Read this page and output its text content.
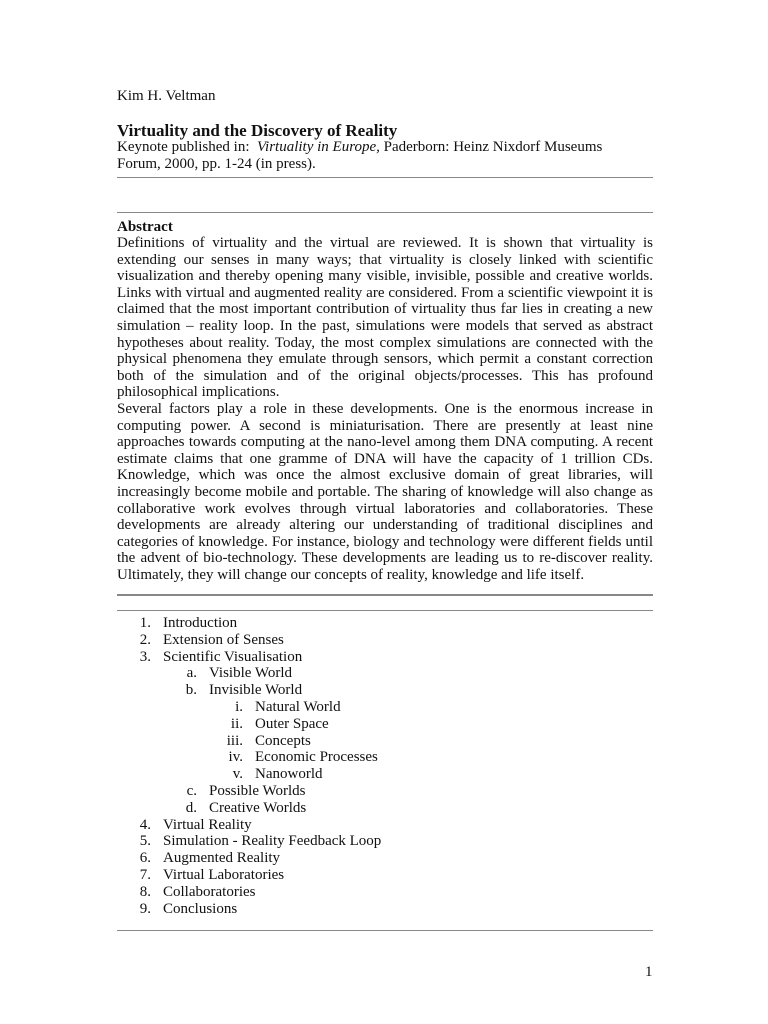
Kim H. Veltman
Virtuality and the Discovery of Reality
Keynote published in: Virtuality in Europe, Paderborn: Heinz Nixdorf Museums
Forum, 2000, pp. 1-24 (in press).
Abstract

Definitions of virtuality and the virtual are reviewed. It is shown that virtuality is extending our senses in many ways; that virtuality is closely linked with scientific visualization and thereby opening many visible, invisible, possible and creative worlds. Links with virtual and augmented reality are considered. From a scientific viewpoint it is claimed that the most important contribution of virtuality thus far lies in creating a new simulation – reality loop. In the past, simulations were models that served as abstract hypotheses about reality. Today, the most complex simulations are connected with the physical phenomena they emulate through sensors, which permit a constant correction both of the simulation and of the original objects/processes. This has profound philosophical implications.

Several factors play a role in these developments. One is the enormous increase in computing power. A second is miniaturisation. There are presently at least nine approaches towards computing at the nano-level among them DNA computing. A recent estimate claims that one gramme of DNA will have the capacity of 1 trillion CDs. Knowledge, which was once the almost exclusive domain of great libraries, will increasingly become mobile and portable. The sharing of knowledge will also change as collaborative work evolves through virtual laboratories and collaboratories. These developments are already altering our understanding of traditional disciplines and categories of knowledge. For instance, biology and technology were different fields until the advent of bio-technology. These developments are leading us to re-discover reality. Ultimately, they will change our concepts of reality, knowledge and life itself.

1. Introduction
2. Extension of Senses
3. Scientific Visualisation
a. Visible World
b. Invisible World
i. Natural World
ii. Outer Space
iii. Concepts
iv. Economic Processes
v. Nanoworld
c. Possible Worlds
d. Creative Worlds
4. Virtual Reality
5. Simulation - Reality Feedback Loop
6. Augmented Reality
7. Virtual Laboratories
8. Collaboratories
9. Conclusions
1
